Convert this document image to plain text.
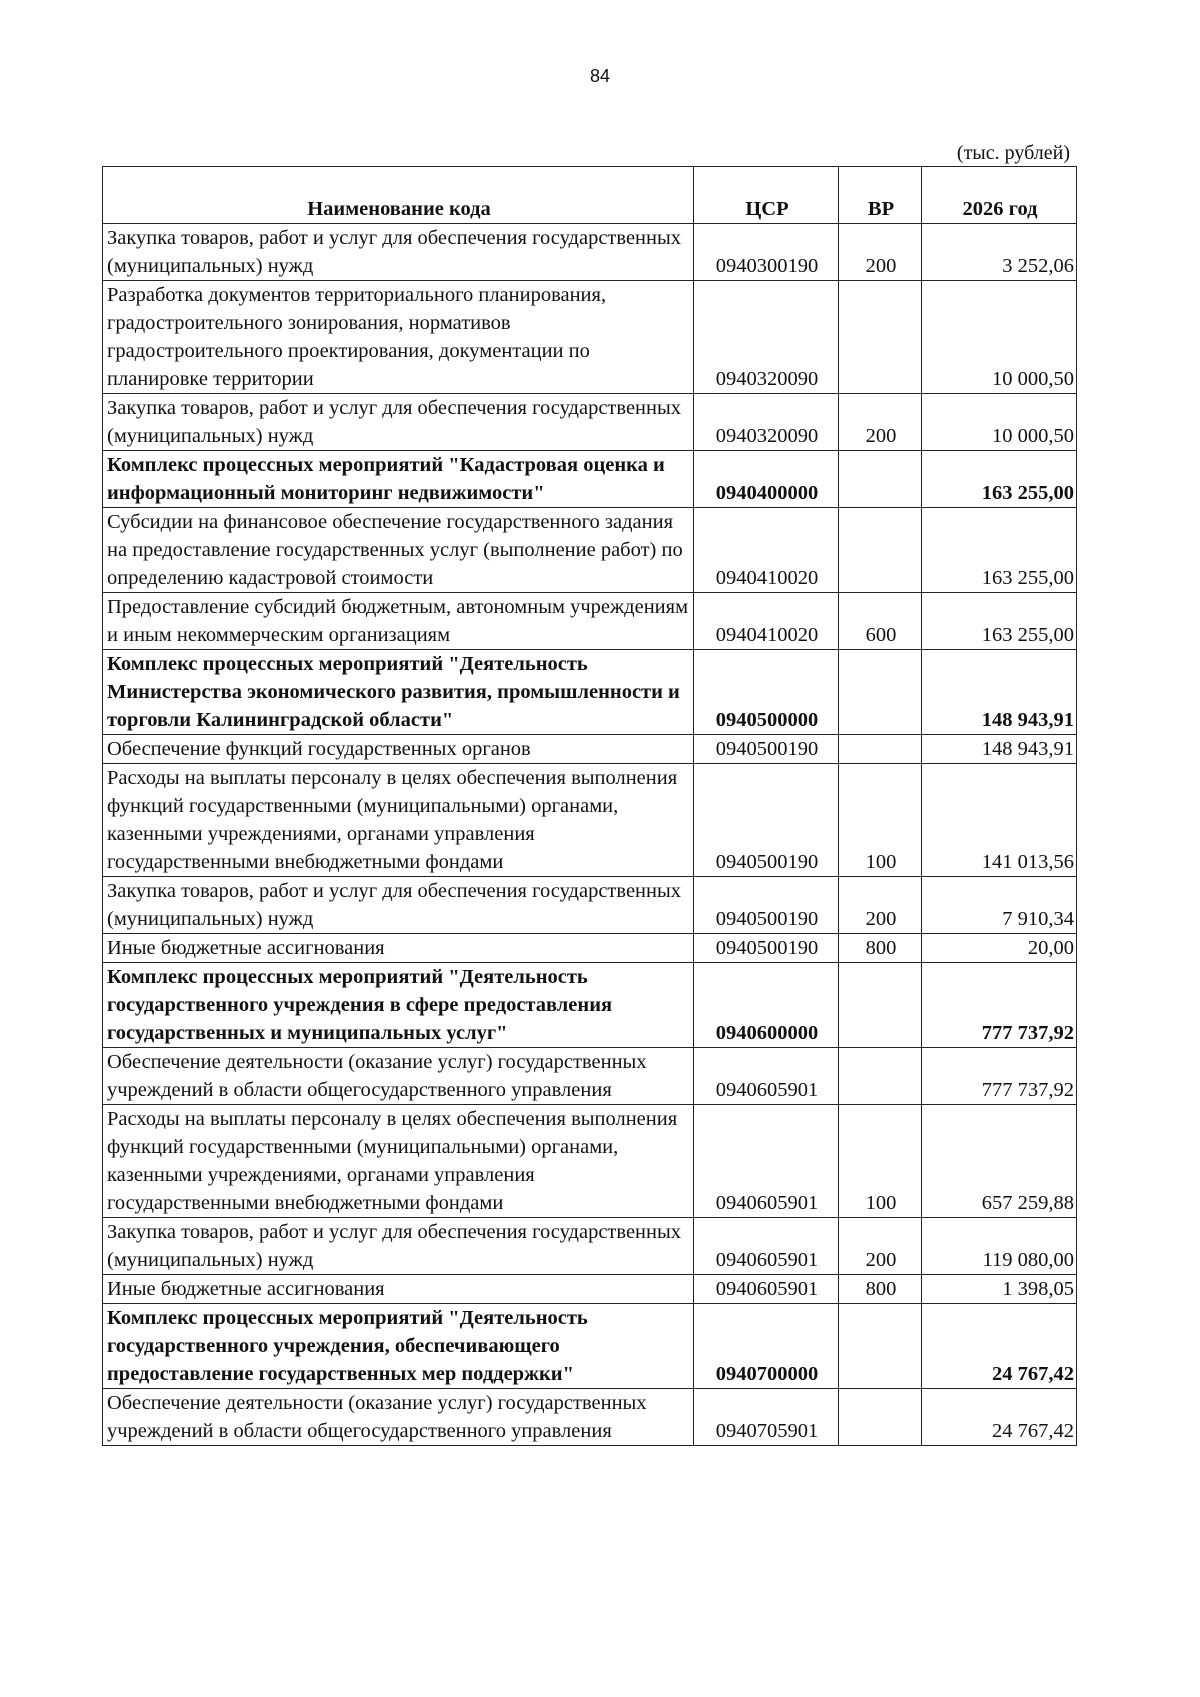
84
(тыс. рублей)
Наименование кода	ЦСР	ВР	2026 год
Закупка товаров, работ и услуг для обеспечения государственных (муниципальных) нужд	0940300190	200	3 252,06
Разработка документов территориального планирования, градостроительного зонирования, нормативов градостроительного проектирования, документации по планировке территории	0940320090		10 000,50
Закупка товаров, работ и услуг для обеспечения государственных (муниципальных) нужд	0940320090	200	10 000,50
Комплекс процессных мероприятий "Кадастровая оценка и информационный мониторинг недвижимости"	0940400000		163 255,00
Субсидии на финансовое обеспечение государственного задания на предоставление государственных услуг (выполнение работ) по определению кадастровой стоимости	0940410020		163 255,00
Предоставление субсидий бюджетным, автономным учреждениям и иным некоммерческим организациям	0940410020	600	163 255,00
Комплекс процессных мероприятий "Деятельность Министерства экономического развития, промышленности и торговли Калининградской области"	0940500000		148 943,91
Обеспечение функций государственных органов	0940500190		148 943,91
Расходы на выплаты персоналу в целях обеспечения выполнения функций государственными (муниципальными) органами, казенными учреждениями, органами управления государственными внебюджетными фондами	0940500190	100	141 013,56
Закупка товаров, работ и услуг для обеспечения государственных (муниципальных) нужд	0940500190	200	7 910,34
Иные бюджетные ассигнования	0940500190	800	20,00
Комплекс процессных мероприятий "Деятельность государственного учреждения в сфере предоставления государственных и муниципальных услуг"	0940600000		777 737,92
Обеспечение деятельности (оказание услуг) государственных учреждений в области общегосударственного управления	0940605901		777 737,92
Расходы на выплаты персоналу в целях обеспечения выполнения функций государственными (муниципальными) органами, казенными учреждениями, органами управления государственными внебюджетными фондами	0940605901	100	657 259,88
Закупка товаров, работ и услуг для обеспечения государственных (муниципальных) нужд	0940605901	200	119 080,00
Иные бюджетные ассигнования	0940605901	800	1 398,05
Комплекс процессных мероприятий "Деятельность государственного учреждения, обеспечивающего предоставление государственных мер поддержки"	0940700000		24 767,42
Обеспечение деятельности (оказание услуг) государственных учреждений в области общегосударственного управления	0940705901		24 767,42
